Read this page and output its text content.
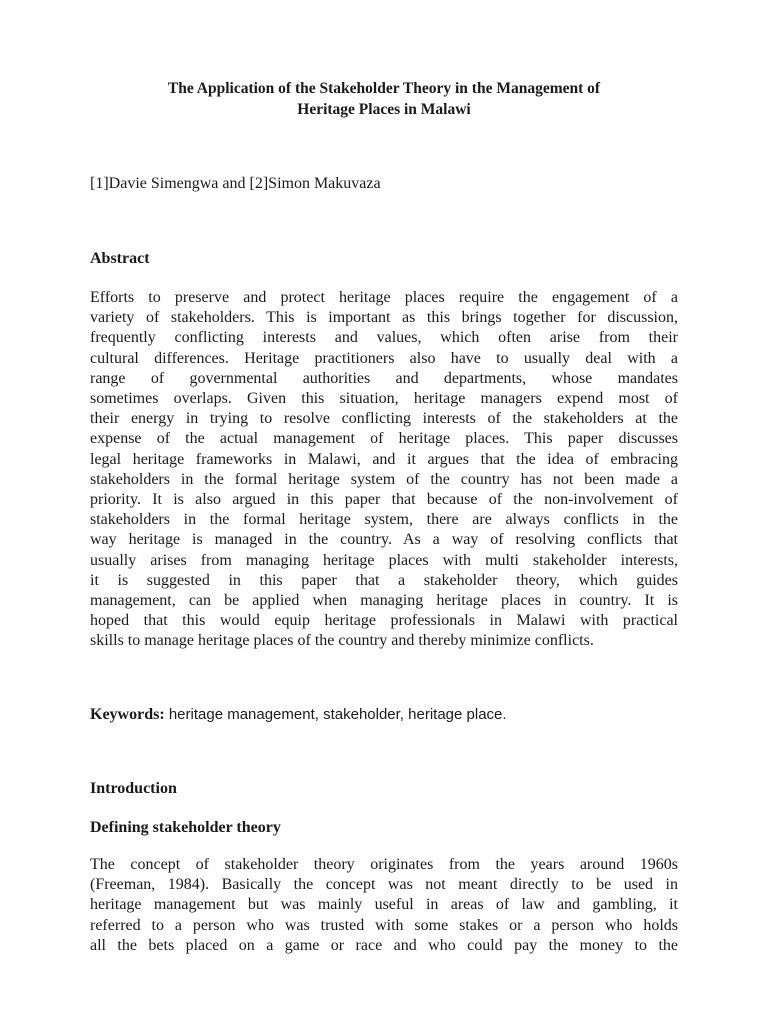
The Application of the Stakeholder Theory in the Management of
Heritage Places in Malawi

[1]Davie Simengwa and [2]Simon Makuvaza

Abstract
Efforts to preserve and protect heritage places require the engagement of a
variety of stakeholders. This is important as this brings together for discussion,
frequently conflicting interests and values, which often arise from their
cultural differences. Heritage practitioners also have to usually deal with a
range of governmental authorities and departments, whose mandates
sometimes overlaps. Given this situation, heritage managers expend most of
their energy in trying to resolve conflicting interests of the stakeholders at the
expense of the actual management of heritage places. This paper discusses
legal heritage frameworks in Malawi, and it argues that the idea of embracing
stakeholders in the formal heritage system of the country has not been made a
priority. It is also argued in this paper that because of the non-involvement of
stakeholders in the formal heritage system, there are always conflicts in the
way heritage is managed in the country. As a way of resolving conflicts that
usually arises from managing heritage places with multi stakeholder interests,
it is suggested in this paper that a stakeholder theory, which guides
management, can be applied when managing heritage places in country. It is
hoped that this would equip heritage professionals in Malawi with practical
skills to manage heritage places of the country and thereby minimize conflicts.

Keywords: heritage management, stakeholder, heritage place.

Introduction
Defining stakeholder theory
The concept of stakeholder theory originates from the years around 1960s
(Freeman, 1984). Basically the concept was not meant directly to be used in
heritage management but was mainly useful in areas of law and gambling, it
referred to a person who was trusted with some stakes or a person who holds
all the bets placed on a game or race and who could pay the money to the
